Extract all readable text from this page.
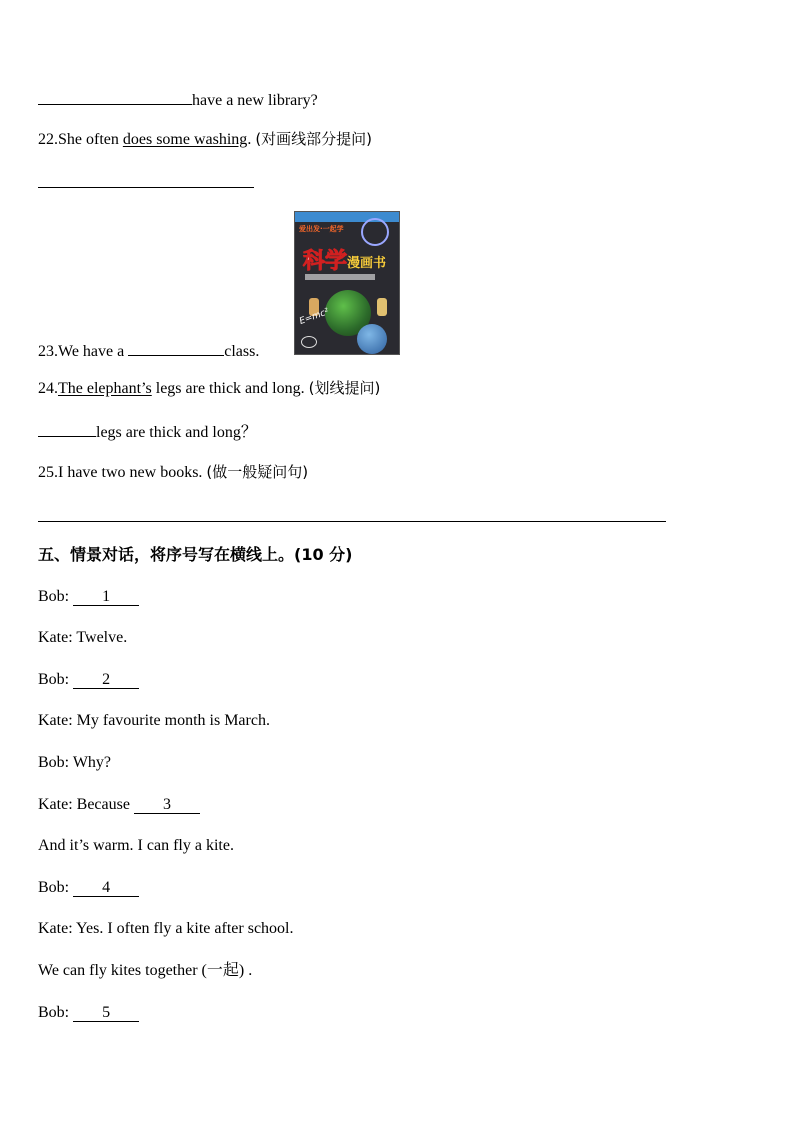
have a new library?
22.She often does some washing. (对画线部分提问)
爱出发·一起学
科学 漫画书
E=mc²
23.We have a	class.
24.The elephant’s legs are thick and long. (划线提问)
legs are thick and long？
25.I have two new books. (做一般疑问句)
五、情景对话，将序号写在横线上。(10 分)
Bob: 1
Kate: Twelve.
Bob: 2
Kate: My favourite month is March.
Bob: Why?
Kate: Because 3
And it’s warm. I can fly a kite.
Bob: 4
Kate: Yes. I often fly a kite after school.
We can fly kites together (一起) .
Bob: 5
